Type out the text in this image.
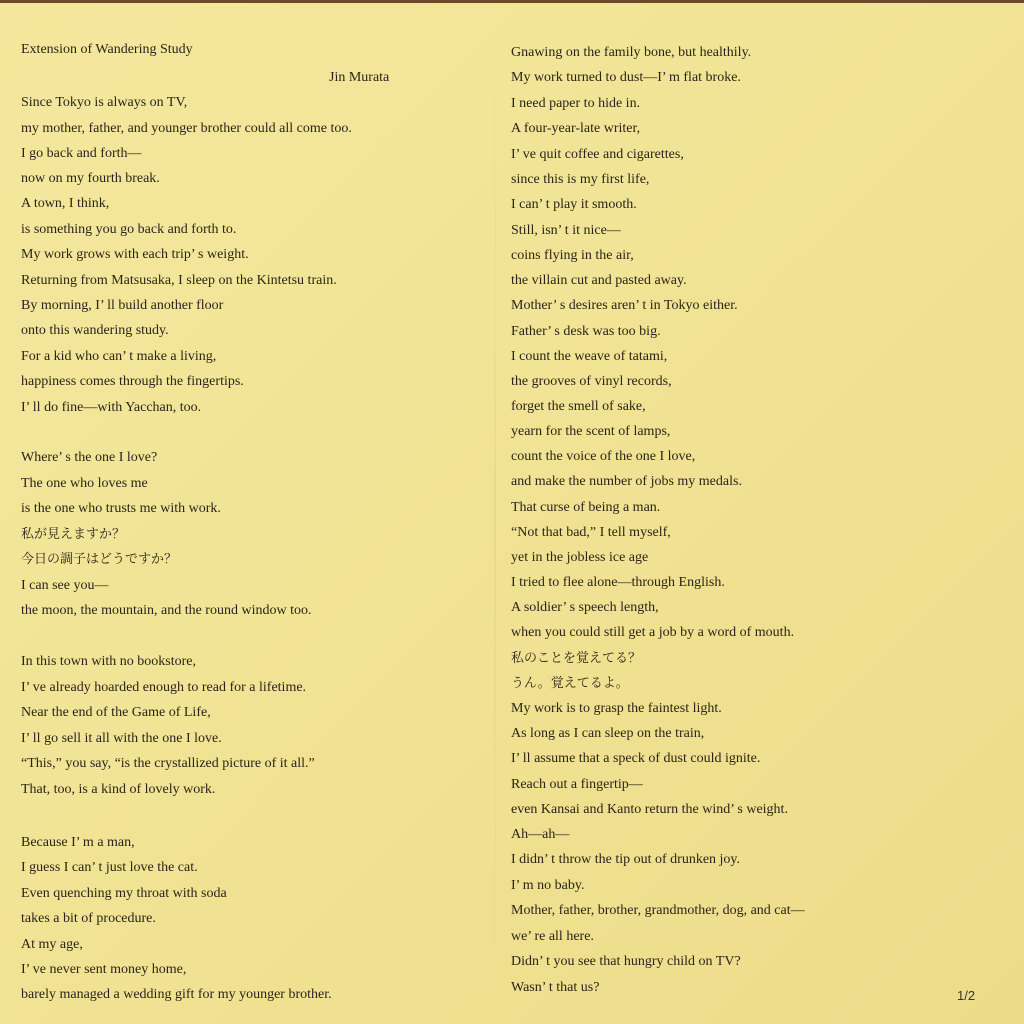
Extension of Wandering Study
Jin Murata
Since Tokyo is always on TV,
my mother, father, and younger brother could all come too.
I go back and forth—
now on my fourth break.
A town, I think,
is something you go back and forth to.
My work grows with each trip’ s weight.
Returning from Matsusaka, I sleep on the Kintetsu train.
By morning, I’ ll build another floor
onto this wandering study.
For a kid who can’ t make a living,
happiness comes through the fingertips.
I’ ll do fine—with Yacchan, too.
Where’ s the one I love?
The one who loves me
is the one who trusts me with work.
私が見えますか？
今日の調子はどうですか？
I can see you—
the moon, the mountain, and the round window too.
In this town with no bookstore,
I’ ve already hoarded enough to read for a lifetime.
Near the end of the Game of Life,
I’ ll go sell it all with the one I love.
“This,” you say, “is the crystallized picture of it all.”
That, too, is a kind of lovely work.
Because I’ m a man,
I guess I can’ t just love the cat.
Even quenching my throat with soda
takes a bit of procedure.
At my age,
I’ ve never sent money home,
barely managed a wedding gift for my younger brother.
Gnawing on the family bone, but healthily.
My work turned to dust—I’ m flat broke.
I need paper to hide in.
A four-year-late writer,
I’ ve quit coffee and cigarettes,
since this is my first life,
I can’ t play it smooth.
Still, isn’ t it nice—
coins flying in the air,
the villain cut and pasted away.
Mother’ s desires aren’ t in Tokyo either.
Father’ s desk was too big.
I count the weave of tatami,
the grooves of vinyl records,
forget the smell of sake,
yearn for the scent of lamps,
count the voice of the one I love,
and make the number of jobs my medals.
That curse of being a man.
“Not that bad,” I tell myself,
yet in the jobless ice age
I tried to flee alone—through English.
A soldier’ s speech length,
when you could still get a job by a word of mouth.
私のことを覚えてる？
うん。覚えてるよ。
My work is to grasp the faintest light.
As long as I can sleep on the train,
I’ ll assume that a speck of dust could ignite.
Reach out a fingertip—
even Kansai and Kanto return the wind’ s weight.
Ah—ah—
I didn’ t throw the tip out of drunken joy.
I’ m no baby.
Mother, father, brother, grandmother, dog, and cat—
we’ re all here.
Didn’ t you see that hungry child on TV?
Wasn’ t that us?
1/2
